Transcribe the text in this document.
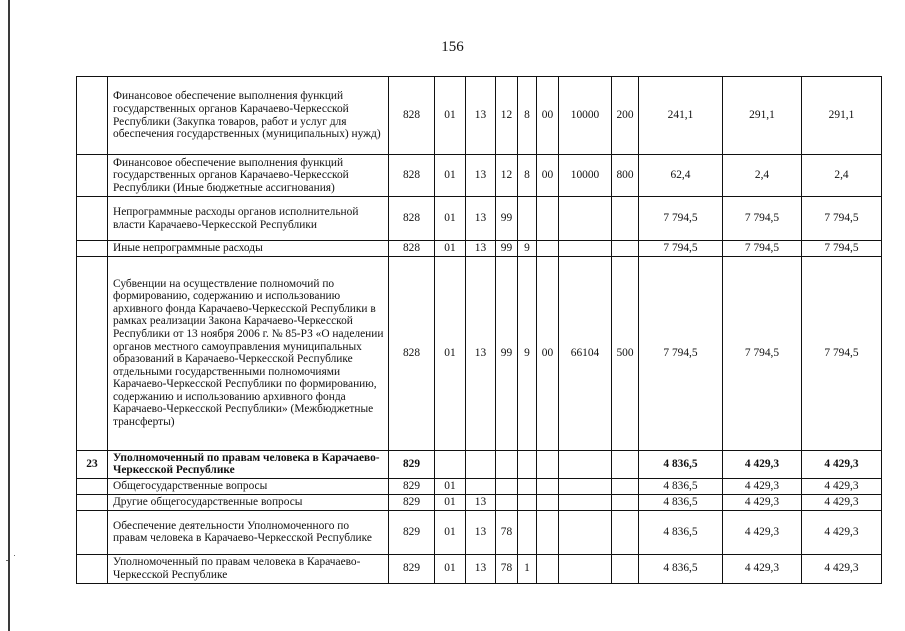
156
	Финансовое обеспечение выполнения функций государственных органов Карачаево-Черкесской Республики (Закупка товаров, работ и услуг для обеспечения государственных (муниципальных) нужд)	828	01	13	12	8	00	10000	200	241,1	291,1	291,1
	Финансовое обеспечение выполнения функций государственных органов Карачаево-Черкесской Республики (Иные бюджетные ассигнования)	828	01	13	12	8	00	10000	800	62,4	2,4	2,4
	Непрограммные расходы органов исполнительной власти Карачаево-Черкесской Республики	828	01	13	99					7 794,5	7 794,5	7 794,5
	Иные непрограммные расходы	828	01	13	99	9				7 794,5	7 794,5	7 794,5
	Субвенции на осуществление полномочий по формированию, содержанию и использованию архивного фонда Карачаево-Черкесской Республики в рамках реализации Закона Карачаево-Черкесской Республики от 13 ноября 2006 г. № 85-РЗ «О наделении органов местного самоуправления муниципальных образований в Карачаево-Черкесской Республике отдельными государственными полномочиями Карачаево-Черкесской Республики по формированию, содержанию и использованию архивного фонда Карачаево-Черкесской Республики» (Межбюджетные трансферты)	828	01	13	99	9	00	66104	500	7 794,5	7 794,5	7 794,5
23	Уполномоченный по правам человека в Карачаево-Черкесской Республике	829								4 836,5	4 429,3	4 429,3
	Общегосударственные вопросы	829	01							4 836,5	4 429,3	4 429,3
	Другие общегосударственные вопросы	829	01	13						4 836,5	4 429,3	4 429,3
	Обеспечение деятельности Уполномоченного по правам человека в Карачаево-Черкесской Республике	829	01	13	78					4 836,5	4 429,3	4 429,3
	Уполномоченный по правам человека в Карачаево-Черкесской Республике	829	01	13	78	1				4 836,5	4 429,3	4 429,3
